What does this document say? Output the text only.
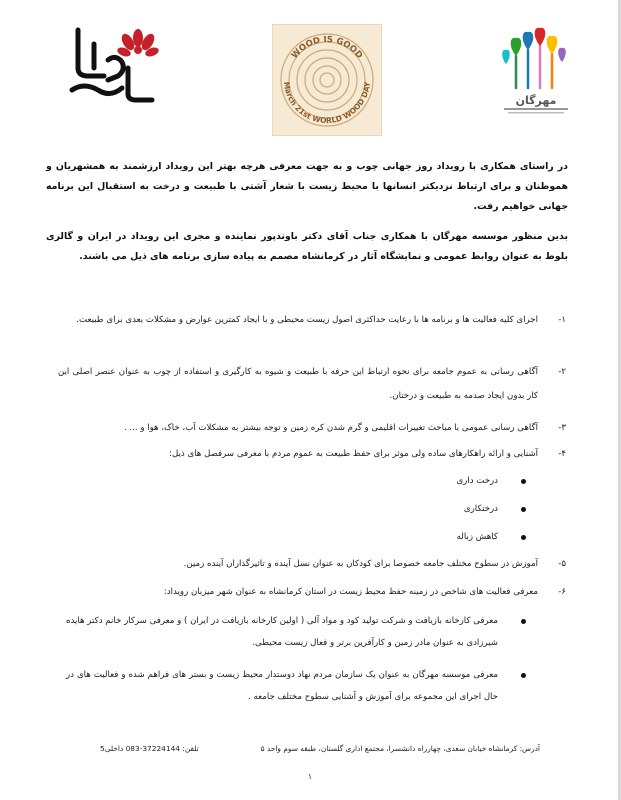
WOOD IS GOOD
March 21st WORLD WOOD DAY
مهرگان

در راستای همکاری با رویداد روز جهانی چوب و به جهت معرفی هرچه بهتر این رویداد ارزشمند به همشهریان و هموطنان و برای ارتباط نزدیکتر انسانها با محیط زیست با شعار آشتی با طبیعت و درخت به استقبال این برنامه جهانی خواهیم رفت.

بدین منظور موسسه مهرگان با همکاری جناب آقای دکتر باوندپور نماینده و مجری این رویداد در ایران و گالری بلوط به عنوان روابط عمومی و نمایشگاه آثار در کرمانشاه مصمم به پیاده سازی برنامه های ذیل می باشند.

۱-
اجرای کلیه فعالیت ها و برنامه ها با رعایت حداکثری اصول زیست محیطی و با ایجاد کمترین عوارض و مشکلات بعدی برای طبیعت.
۲-
آگاهی رسانی به عموم جامعه برای نحوه ارتباط این حرفه با طبیعت و شیوه به کارگیری و استفاده از چوب به عنوان عنصر اصلی این کار بدون ایجاد صدمه به طبیعت و درختان.
۳-
آگاهی رسانی عمومی با مباحث تغییرات اقلیمی و گرم شدن کره زمین و توجه بیشتر به مشکلات آب، خاک، هوا و ... .
۴-
آشنایی و ارائه راهکارهای ساده ولی موثر برای حفظ طبیعت به عموم مردم با معرفی سرفصل های ذیل:
درخت داری
درختکاری
کاهش زباله
۵-
آموزش در سطوح مختلف جامعه خصوصا برای کودکان به عنوان نسل آینده و تاثیرگذاران آینده زمین.
۶-
معرفی فعالیت های شاخص در زمینه حفظ محیط زیست در استان کرمانشاه به عنوان شهر میزبان رویداد:
معرفی کارخانه بازیافت و شرکت تولید کود و مواد آلی ( اولین کارخانه بازیافت در ایران ) و معرفی سرکار خانم دکتر هایده شیرزادی به عنوان مادر زمین و کارآفرین برتر و فعال زیست محیطی.
معرفی موسسه مهرگان به عنوان یک سازمان مردم نهاد دوستدار محیط زیست و بستر های فراهم شده و فعالیت های در حال اجرای این مجموعه برای آموزش و آشنایی سطوح مختلف جامعه .
آدرس: کرمانشاه خیابان سعدی، چهارراه دانشسرا، مجتمع اداری گلستان، طبقه سوم واحد ۵
تلفن: 37224144-083 داخلی5
۱
